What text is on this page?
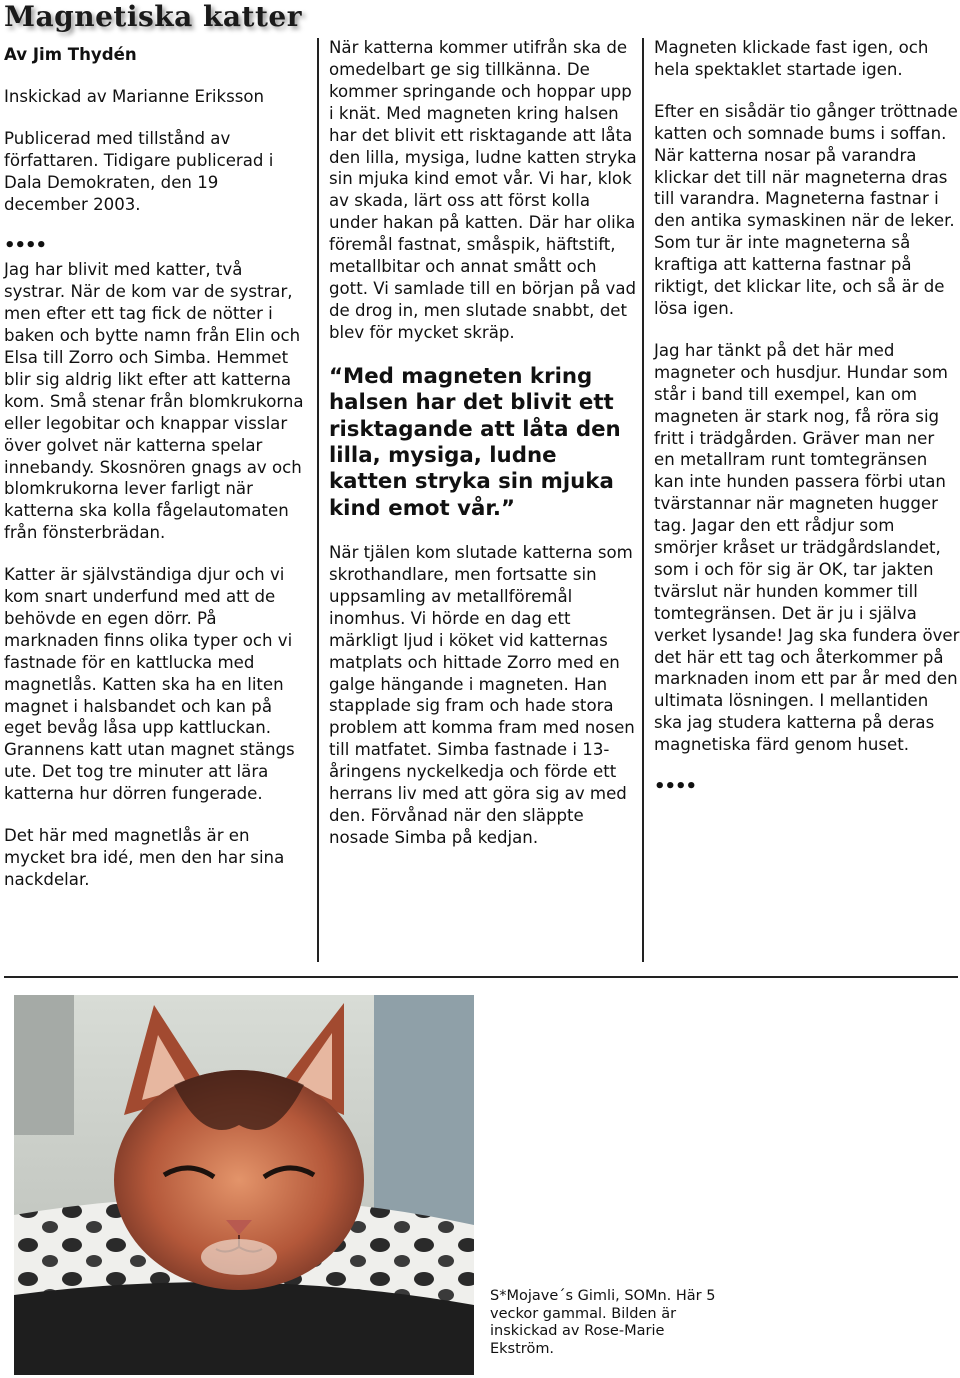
Magnetiska katter

Av Jim Thydén

Inskickad av Marianne Eriksson

Publicerad med tillstånd av författaren. Tidigare publicerad i Dala Demokraten, den 19 december 2003.

••••

Jag har blivit med katter, två systrar. När de kom var de systrar, men efter ett tag fick de nötter i baken och bytte namn från Elin och Elsa till Zorro och Simba. Hemmet blir sig aldrig likt efter att katterna kom. Små stenar från blomkrukorna eller legobitar och knappar visslar över golvet när katterna spelar innebandy. Skosnören gnags av och blomkrukorna lever farligt när katterna ska kolla fågelautomaten från fönsterbrädan.

Katter är självständiga djur och vi kom snart underfund med att de behövde en egen dörr. På marknaden finns olika typer och vi fastnade för en kattlucka med magnetlås. Katten ska ha en liten magnet i halsbandet och kan på eget bevåg låsa upp kattluckan. Grannens katt utan magnet stängs ute. Det tog tre minuter att lära katterna hur dörren fungerade.

Det här med magnetlås är en mycket bra idé, men den har sina nackdelar.

När katterna kommer utifrån ska de omedelbart ge sig tillkänna. De kommer springande och hoppar upp i knät. Med magneten kring halsen har det blivit ett risktagande att låta den lilla, mysiga, ludne katten stryka sin mjuka kind emot vår. Vi har, klok av skada, lärt oss att först kolla under hakan på katten. Där har olika föremål fastnat, småspik, häftstift, metallbitar och annat smått och gott. Vi samlade till en början på vad de drog in, men slutade snabbt, det blev för mycket skräp.

“Med magneten kring halsen har det blivit ett risktagande att låta den lilla, mysiga, ludne katten stryka sin mjuka kind emot vår.”

När tjälen kom slutade katterna som skrothandlare, men fortsatte sin uppsamling av metallföremål inomhus. Vi hörde en dag ett märkligt ljud i köket vid katternas matplats och hittade Zorro med en galge hängande i magneten. Han stapplade sig fram och hade stora problem att komma fram med nosen till matfatet. Simba fastnade i 13-åringens nyckelkedja och förde ett herrans liv med att göra sig av med den. Förvånad när den släppte nosade Simba på kedjan.

Magneten klickade fast igen, och hela spektaklet startade igen.

Efter en sisådär tio gånger tröttnade katten och somnade bums i soffan. När katterna nosar på varandra klickar det till när magneterna dras till varandra. Magneterna fastnar i den antika symaskinen när de leker. Som tur är inte magneterna så kraftiga att katterna fastnar på riktigt, det klickar lite, och så är de lösa igen.

Jag har tänkt på det här med magneter och husdjur. Hundar som står i band till exempel, kan om magneten är stark nog, få röra sig fritt i trädgården. Gräver man ner en metallram runt tomtegränsen kan inte hunden passera förbi utan tvärstannar när magneten hugger tag. Jagar den ett rådjur som smörjer kråset ur trädgårdslandet, som i och för sig är OK, tar jakten tvärslut när hunden kommer till tomtegränsen. Det är ju i själva verket lysande! Jag ska fundera över det här ett tag och återkommer på marknaden inom ett par år med den ultimata lösningen. I mellantiden ska jag studera katterna på deras magnetiska färd genom huset.

••••
S*Mojave´s Gimli, SOMn. Här 5 veckor gammal. Bilden är inskickad av Rose-Marie Ekström.
